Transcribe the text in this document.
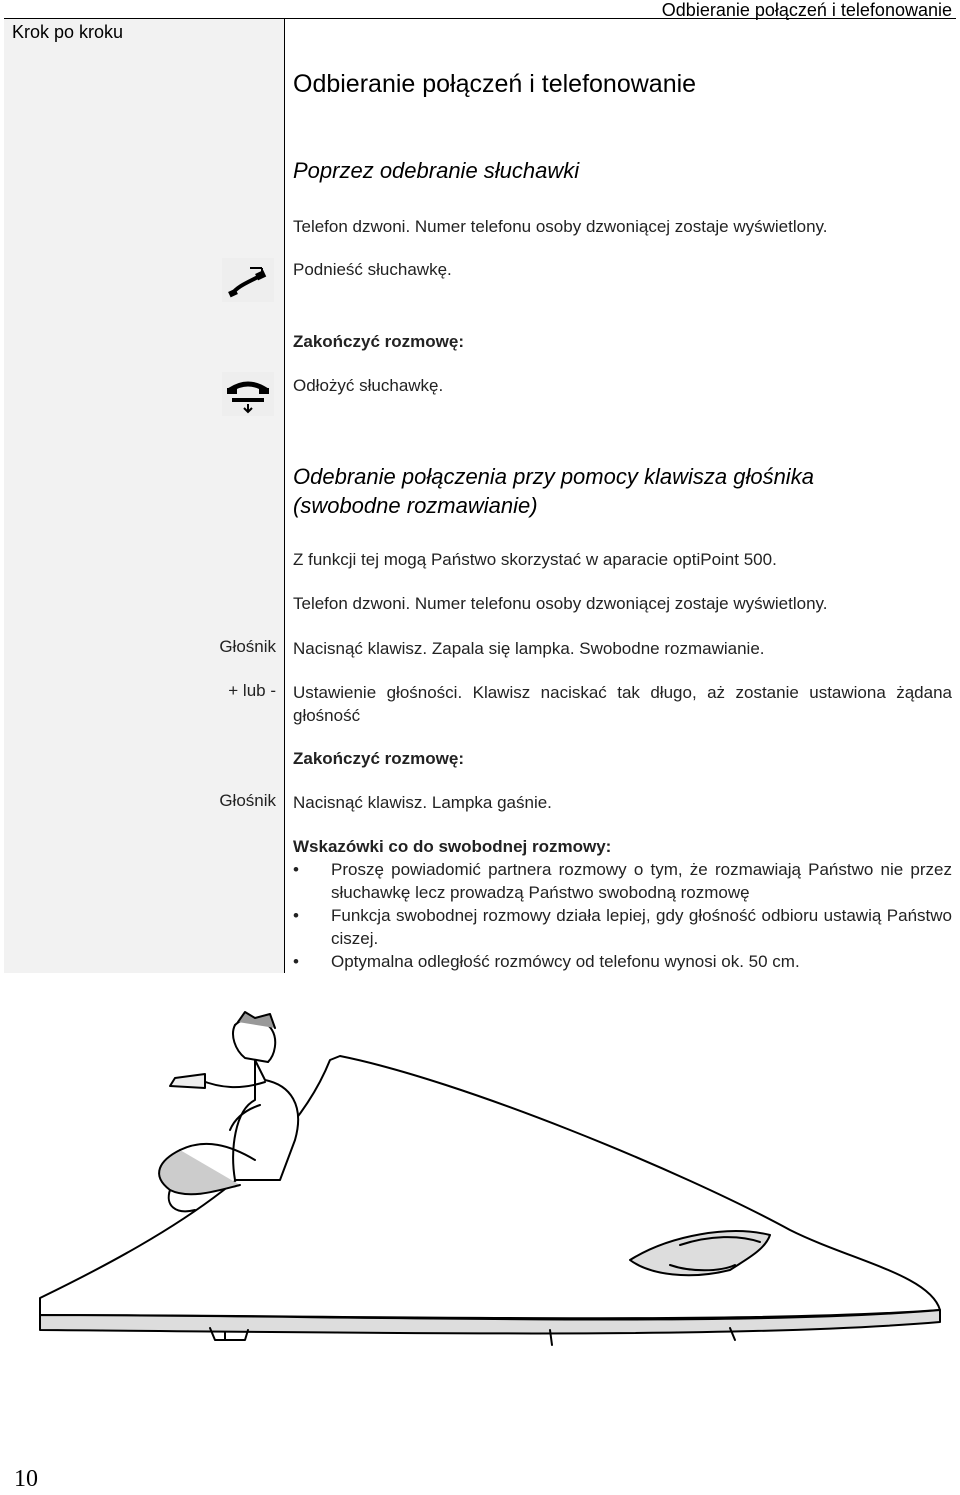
Krok po kroku
Odbieranie połączeń i telefonowanie
Odbieranie połączeń i telefonowanie
Poprzez odebranie słuchawki
Telefon dzwoni. Numer telefonu osoby dzwoniącej zostaje wyświetlony.
Podnieść słuchawkę.
Zakończyć rozmowę:
Odłożyć słuchawkę.
Odebranie połączenia przy pomocy klawisza głośnika
(swobodne rozmawianie)
Z funkcji tej mogą Państwo skorzystać w aparacie optiPoint 500.
Telefon dzwoni. Numer telefonu osoby dzwoniącej zostaje wyświetlony.
Głośnik Nacisnąć klawisz. Zapala się lampka. Swobodne rozmawianie.
+ lub - Ustawienie głośności. Klawisz naciskać tak długo, aż zostanie ustawiona żądana głośność
Zakończyć rozmowę:
Głośnik Nacisnąć klawisz. Lampka gaśnie.
Wskazówki co do swobodnej rozmowy:
•	Proszę powiadomić partnera rozmowy o tym, że rozmawiają Państwo nie przez słuchawkę lecz prowadzą Państwo swobodną rozmowę
•	Funkcja swobodnej rozmowy działa lepiej, gdy głośność odbioru ustawią Państwo ciszej.
•	Optymalna odległość rozmówcy od telefonu wynosi ok. 50 cm.
10
